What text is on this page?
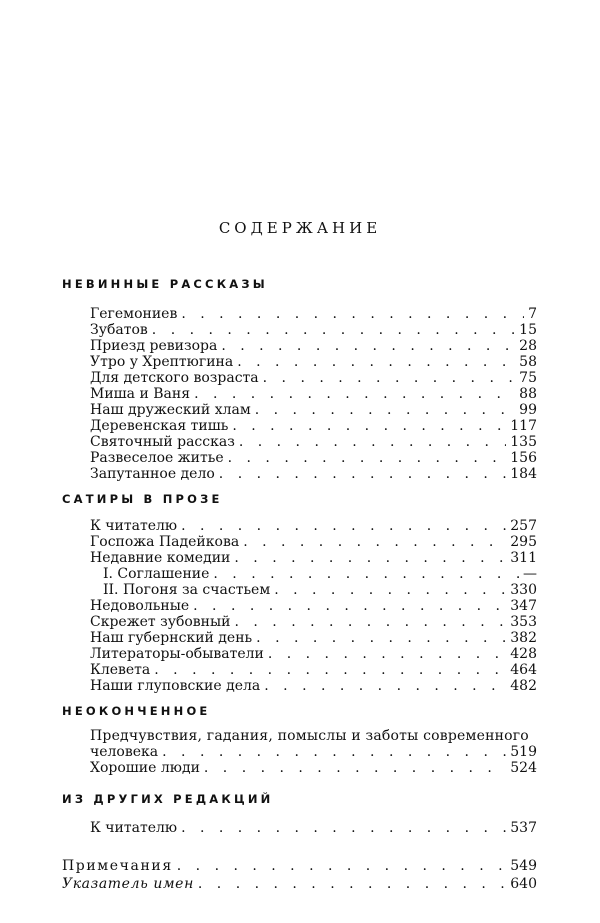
СОДЕРЖАНИЕ
НЕВИННЫЕ РАССКАЗЫ
Гегемониев . . .	7
Зубатов . . .	15
Приезд ревизора . . .	28
Утро у Хрептюгина . . .	58
Для детского возраста . . .	75
Миша и Ваня . . .	88
Наш дружеский хлам . . .	99
Деревенская тишь . . .	117
Святочный рассказ . . .	135
Развеселое житье . . .	156
Запутанное дело . . .	184
САТИРЫ В ПРОЗЕ
К читателю . . .	257
Госпожа Падейкова . . .	295
Недавние комедии . . .	311
I. Соглашение . . .	—
II. Погоня за счастьем . . .	330
Недовольные . . .	347
Скрежет зубовный . . .	353
Наш губернский день . . .	382
Литераторы-обыватели . . .	428
Клевета . . .	464
Наши глуповские дела . . .	482
НЕОКОНЧЕННОЕ
Предчувствия, гадания, помыслы и заботы современного
человека . . .	519
Хорошие люди . . .	524
ИЗ ДРУГИХ РЕДАКЦИЙ
К читателю . . .	537
Примечания . . .	549
Указатель имен . . .	640
